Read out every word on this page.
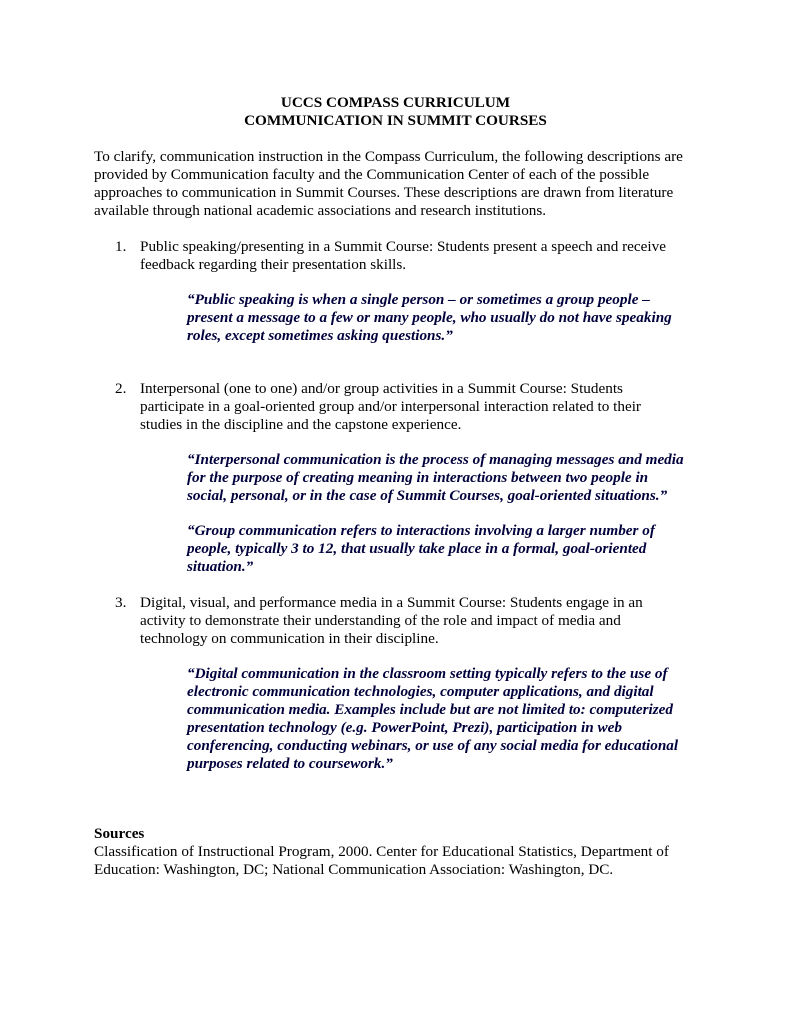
UCCS COMPASS CURRICULUM
COMMUNICATION IN SUMMIT COURSES
To clarify, communication instruction in the Compass Curriculum, the following descriptions are
provided by Communication faculty and the Communication Center of each of the possible
approaches to communication in Summit Courses. These descriptions are drawn from literature
available through national academic associations and research institutions.
1. Public speaking/presenting in a Summit Course: Students present a speech and receive
feedback regarding their presentation skills.
“Public speaking is when a single person – or sometimes a group people –
present a message to a few or many people, who usually do not have speaking
roles, except sometimes asking questions.”
2. Interpersonal (one to one) and/or group activities in a Summit Course: Students
participate in a goal-oriented group and/or interpersonal interaction related to their
studies in the discipline and the capstone experience.
“Interpersonal communication is the process of managing messages and media
for the purpose of creating meaning in interactions between two people in
social, personal, or in the case of Summit Courses, goal-oriented situations.”
“Group communication refers to interactions involving a larger number of
people, typically 3 to 12, that usually take place in a formal, goal-oriented
situation.”
3. Digital, visual, and performance media in a Summit Course: Students engage in an
activity to demonstrate their understanding of the role and impact of media and
technology on communication in their discipline.
“Digital communication in the classroom setting typically refers to the use of
electronic communication technologies, computer applications, and digital
communication media. Examples include but are not limited to: computerized
presentation technology (e.g. PowerPoint, Prezi), participation in web
conferencing, conducting webinars, or use of any social media for educational
purposes related to coursework.”
Sources
Classification of Instructional Program, 2000. Center for Educational Statistics, Department of
Education: Washington, DC; National Communication Association: Washington, DC.
